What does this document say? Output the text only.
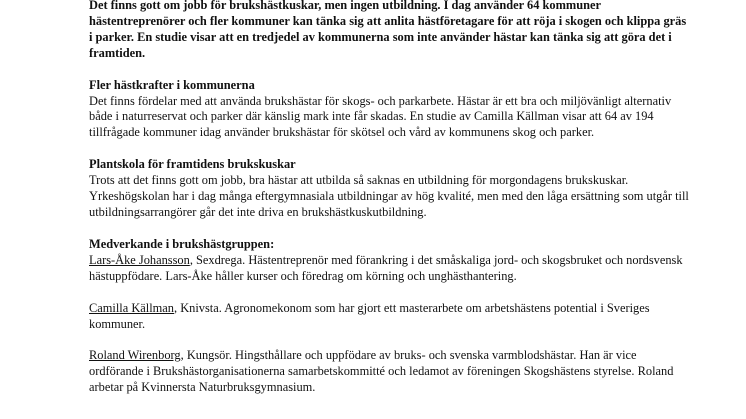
Det finns gott om jobb för brukshästkuskar, men ingen utbildning. I dag använder 64 kommuner hästentreprenörer och fler kommuner kan tänka sig att anlita hästföretagare för att röja i skogen och klippa gräs i parker. En studie visar att en tredjedel av kommunerna som inte använder hästar kan tänka sig att göra det i framtiden.

Fler hästkrafter i kommunerna

Det finns fördelar med att använda brukshästar för skogs- och parkarbete. Hästar är ett bra och miljövänligt alternativ både i naturreservat och parker där känslig mark inte får skadas. En studie av Camilla Källman visar att 64 av 194 tillfrågade kommuner idag använder brukshästar för skötsel och vård av kommunens skog och parker.

Plantskola för framtidens brukskuskar

Trots att det finns gott om jobb, bra hästar att utbilda så saknas en utbildning för morgondagens brukskuskar. Yrkeshögskolan har i dag många eftergymnasiala utbildningar av hög kvalité, men med den låga ersättning som utgår till utbildningsarrangörer går det inte driva en brukshästkuskutbildning.

Medverkande i brukshästgruppen:

Lars-Åke Johansson, Sexdrega. Hästentreprenör med förankring i det småskaliga jord- och skogsbruket och nordsvensk hästuppfödare. Lars-Åke håller kurser och föredrag om körning och unghästhantering.

Camilla Källman, Knivsta. Agronomekonom som har gjort ett masterarbete om arbetshästens potential i Sveriges kommuner.

Roland Wirenborg, Kungsör. Hingsthållare och uppfödare av bruks- och svenska varmblodshästar. Han är vice ordförande i Brukshästorganisationerna samarbetskommitté och ledamot av föreningen Skogshästens styrelse. Roland arbetar på Kvinnersta Naturbruksgymnasium.
